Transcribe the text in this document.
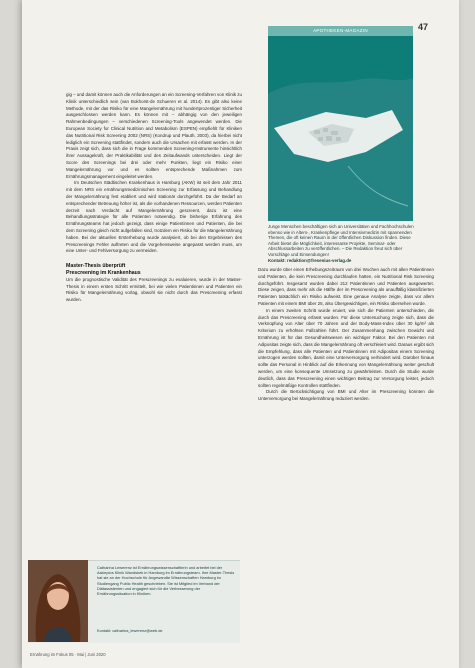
APOTHEKEN-MAGAZIN	47
Junge Menschen beschäftigen sich an Universitäten und Fachhochschulen ebenso wie in Alters-, Krankenpflege und Intensivmedizin mit spannenden Themen, die oft keinen Raum in der öffentlichen Diskussion finden. Diese Arbeit bietet die Möglichkeit, interessante Projekte, Seminar- oder Abschlussarbeiten zu veröffentlichen. – Die Redaktion freut sich über Vorschläge und Einsendungen!
Kontakt: redaktion@fresenius-verlag.de

gig – und damit können auch die Anforderungen an ein Screening-Verfahren von Klinik zu Klinik unterschiedlich sein (van Bokhorst-de Schueren et al. 2014). Es gibt also keine Methode, mit der das Risiko für eine Mangelernährung mit hundertprozentiger Sicherheit ausgeschlossen werden kann. Es können mit – abhängig von den jeweiligen Rahmenbedingungen – verschiedenen Screening-Tools angewendet werden. Die European Society for Clinical Nutrition and Metabolism (ESPEN) empfiehlt für Kliniken das Nutritional Risk Screening 2002 (NRS) (Kondrup und Plauth, 2003), da hierbei nicht lediglich ein Screening stattfindet, sondern auch die Ursachen mit erfasst werden. In der Praxis zeigt sich, dass sich die in Frage kommenden Screening-Instrumente hinsichtlich ihrer Aussagekraft, der Praktikabilität und des Zeitaufwands unterscheiden. Liegt der Score des Screenings bei drei oder mehr Punkten, liegt ein Risiko einer Mangelernährung vor und es sollten entsprechende Maßnahmen zum Ernährungsmanagement eingeleitet werden.

Im Deutschen Städtischen Krankenhaus in Hamburg (AKW) ist seit dem Jahr 2011 mit dem NRS ein ernährungsmedizinisches Screening zur Erfassung und Behandlung der Mangelernährung fest etabliert und wird stationär durchgeführt. Da der Bedarf an entsprechender Betreuung höher ist, als die vorhandenen Ressourcen, werden Patienten derzeit nach Verdacht auf Mangelernährung gescreent, dazu ist eine Behandlungsstrategie für alle Patienten notwendig. Die bisherige Erfahrung des Ernährungsteams hat jedoch gezeigt, dass einige Patientinnen und Patienten, die bei dem Screening gleich nicht aufgefallen sind, trotzdem ein Risiko für die Mangelernährung haben. Bei der aktuellen Ersterhebung wurde analysiert, ob bei den Ergebnissen des Prescreenings Fehler auftreten und die Vorgehensweise angepasst werden muss, um eine Unter- und Fehlversorgung zu vermeiden.

Master-Thesis überprüft

Prescreening im Krankenhaus

Um die prognostische Validität des Prescreenings zu evaluieren, wurde in der Master-Thesis in einem ersten Schritt ermittelt, bei wie vielen Patientinnen und Patienten ein Risiko für Mangelernährung vorlag, obwohl sie nicht durch das Prescreening erfasst wurden.

Dazu wurde über einen Erhebungszeitraum von drei Wochen auch mit allen Patientinnen und Patienten, die kein Prescreening durchlaufen hatten, ein Nutritional Risk Screening durchgeführt. Insgesamt wurden dabei 212 Patientinnen und Patienten ausgewertet. Diese zeigen, dass mehr als die Hälfte der im Prescreening als unauffällig klassifizierten Patienten tatsächlich ein Risiko aufweist. Eine genaue Analyse zeigte, dass vor allem Patienten mit einem BMI über 25, also Übergewichtigen, ein Risiko übersehen wurde.

In einem zweiten Schritt wurde eruiert, wie sich die Patienten unterschieden, die durch das Prescreening erfasst wurden. Für diese Untersuchung zeigte sich, dass die Verknüpfung von Alter über 70 Jahren und der Body-Mass-Index über 30 kg/m² als Kriterium zu erhöhten Fallzahlen führt. Der Zusammenhang zwischen Gewicht und Ernährung ist für das Gesundheitswesen ein wichtiger Faktor. Bei den Patienten mit Adipositas zeigte sich, dass die Mangelernährung oft verschleiert wird. Daraus ergibt sich die Empfehlung, dass alle Patienten und Patientinnen mit Adipositas einem Screening unterzogen werden sollten, damit eine Unterversorgung verhindert wird. Darüber hinaus sollte das Personal in Hinblick auf die Erkennung von Mangelernährung weiter geschult werden, um eine konsequente Umsetzung zu gewährleisten. Durch die Studie wurde deutlich, dass das Prescreening einen wichtigen Beitrag zur Versorgung leistet, jedoch sollten regelmäßige Kontrollen stattfinden.

Durch die Berücksichtigung von BMI und Alter im Prescreening könnten die Unterversorgung bei Mangelernährung reduziert werden.

Catharina Lewerenz ist Ernährungswissenschaftlerin und arbeitet bei der Asklepios Klinik Wandsbek in Hamburg im Ernährungsteam. Ihre Master-Thesis hat sie an der Hochschule für Angewandte Wissenschaften Hamburg im Studiengang Public Health geschrieben. Sie ist Mitglied im Verband der Diätassistenten und engagiert sich für die Verbesserung der Ernährungssituation in Kliniken.
Kontakt: catharina_lewerenz@web.de
Ernährung im Fokus 05 · Mai | Juni 2020
